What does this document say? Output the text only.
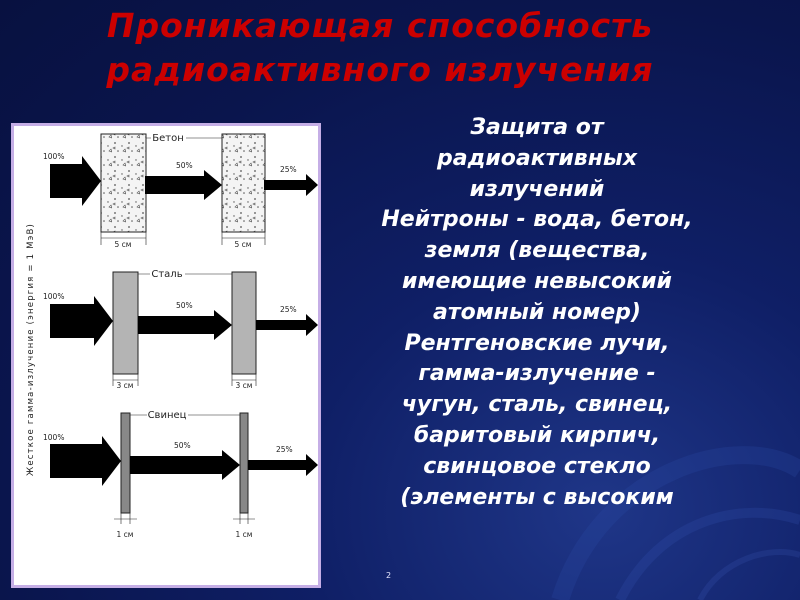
Проникающая способность
радиоактивного излучения
Жесткое гамма-излучение (энергия = 1 МэВ)
Бетон
100%
50%	25%
5 см	5 см
Сталь
100%
50%	25%
3 см	3 см
Свинец
100%
50%	25%
1 см	1 см
Защита от
радиоактивных
излучений
Нейтроны - вода, бетон,
земля (вещества,
имеющие невысокий
атомный номер)
Рентгеновские лучи,
гамма-излучение -
чугун, сталь, свинец,
баритовый кирпич,
свинцовое стекло
(элементы с высоким
2
